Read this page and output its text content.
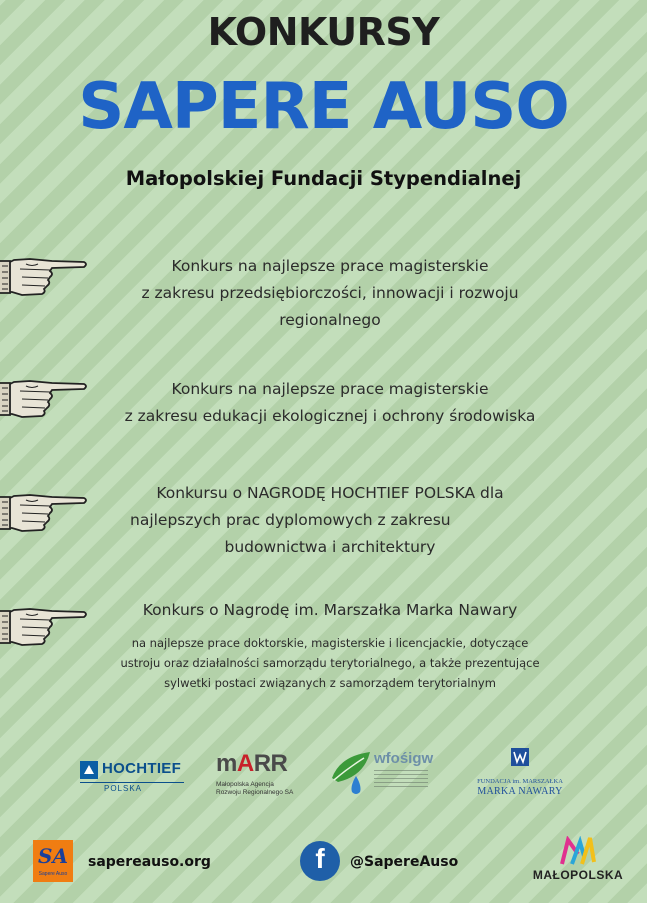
KONKURSY
SAPERE AUSO
Małopolskiej Fundacji Stypendialnej
Konkurs na najlepsze prace magisterskie
z zakresu przedsiębiorczości, innowacji i rozwoju
regionalnego
Konkurs na najlepsze prace magisterskie
z zakresu edukacji ekologicznej i ochrony środowiska
Konkursu o NAGRODĘ HOCHTIEF POLSKA dla
najlepszych prac dyplomowych z zakresu
budownictwa i architektury
Konkurs o Nagrodę im. Marszałka Marka Nawary
na najlepsze prace doktorskie, magisterskie i licencjackie, dotyczące
ustroju oraz działalności samorządu terytorialnego, a także prezentujące
sylwetki postaci związanych z samorządem terytorialnym
HOCHTIEF
POLSKA
mARR
Małopolska Agencja
Rozwoju Regionalnego SA
wfośigw
FUNDACJA im. MARSZAŁKA
MARKA NAWARY
SA
Sapere Auso
sapereauso.org	f	@SapereAuso
MAŁOPOLSKA
